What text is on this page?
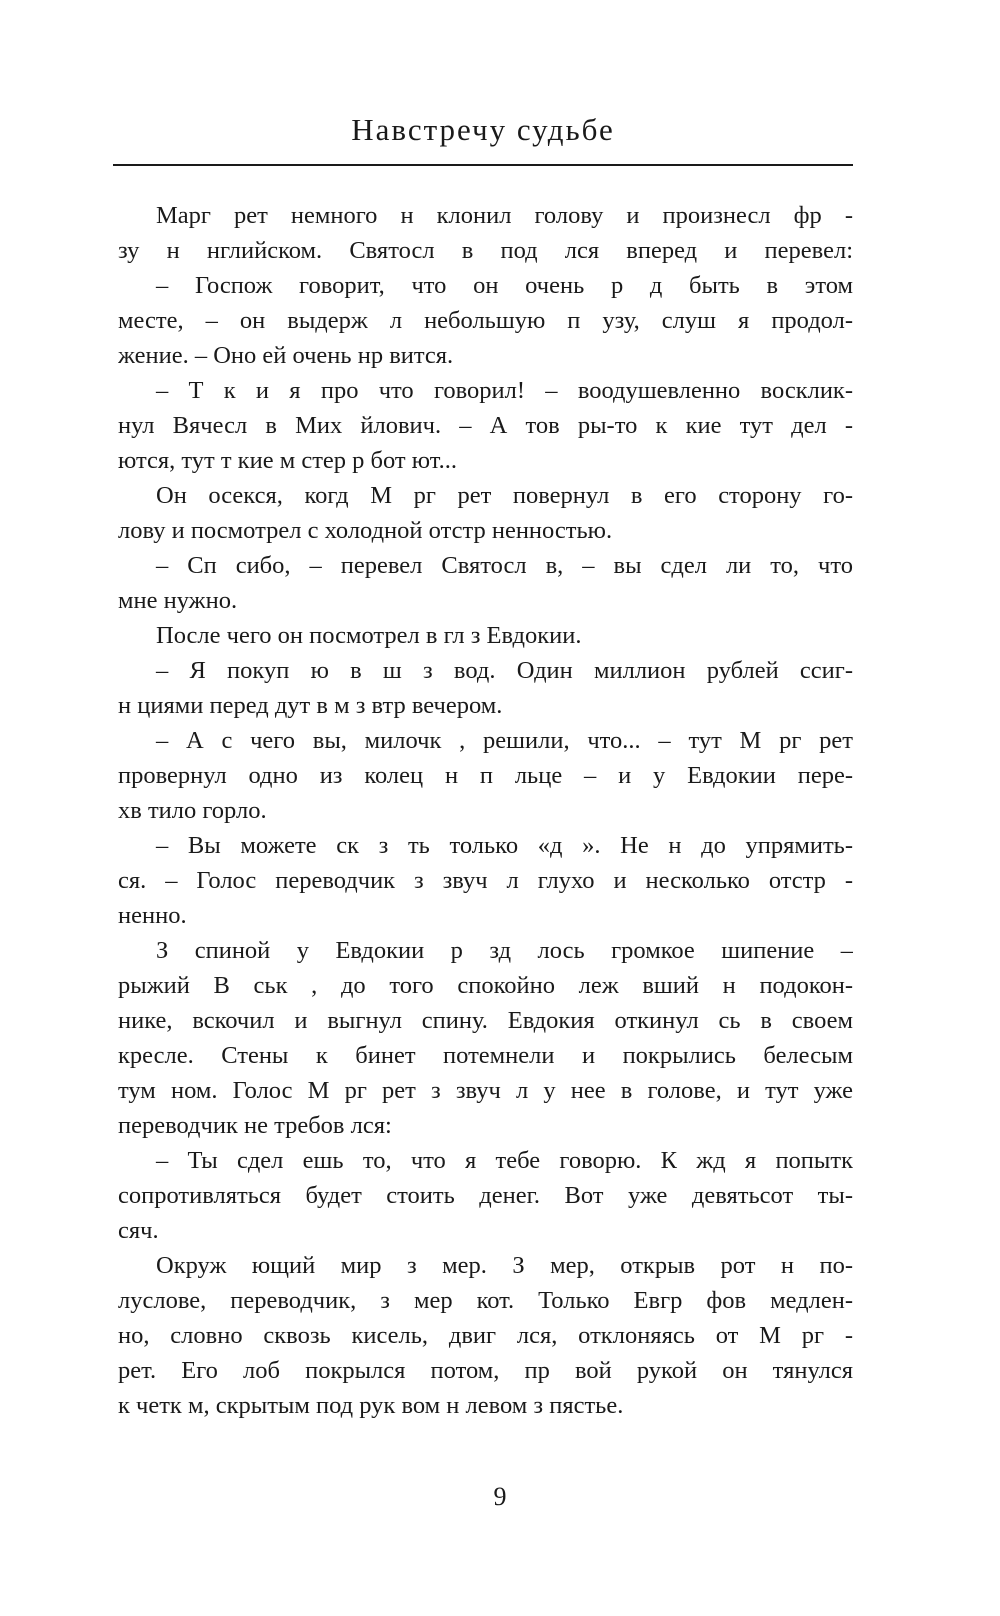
Навстречу судьбе
Марг рет немного н клонил голову и произнесл фр -
зу н нглийском. Святосл в под лся вперед и перевел:
– Госпож говорит, что он очень р д быть в этом
месте, – он выдерж л небольшую п узу, слуш я продол-
жение. – Оно ей очень нр вится.
– Т к и я про что говорил! – воодушевленно восклик-
нул Вячесл в Мих йлович. – А тов ры-то к кие тут дел -
ются, тут т кие м стер р бот ют...
Он осекся, когд М рг рет повернул в его сторону го-
лову и посмотрел с холодной отстр ненностью.
– Сп сибо, – перевел Святосл в, – вы сдел ли то, что
мне нужно.
После чего он посмотрел в гл з Евдокии.
– Я покуп ю в ш з вод. Один миллион рублей ссиг-
н циями перед дут в м з втр вечером.
– А с чего вы, милочк , решили, что... – тут М рг рет
провернул одно из колец н п льце – и у Евдокии пере-
хв тило горло.
– Вы можете ск з ть только «д ». Не н до упрямить-
ся. – Голос переводчик з звуч л глухо и несколько отстр -
ненно.
З спиной у Евдокии р зд лось громкое шипение –
рыжий В ськ , до того спокойно леж вший н подокон-
нике, вскочил и выгнул спину. Евдокия откинул сь в своем
кресле. Стены к бинет потемнели и покрылись белесым
тум ном. Голос М рг рет з звуч л у нее в голове, и тут уже
переводчик не требов лся:
– Ты сдел ешь то, что я тебе говорю. К жд я попытк
сопротивляться будет стоить денег. Вот уже девятьсот ты-
сяч.
Окруж ющий мир з мер. З мер, открыв рот н по-
луслове, переводчик, з мер кот. Только Евгр фов медлен-
но, словно сквозь кисель, двиг лся, отклоняясь от М рг -
рет. Его лоб покрылся потом, пр вой рукой он тянулся
к четк м, скрытым под рук вом н левом з пястье.
9
